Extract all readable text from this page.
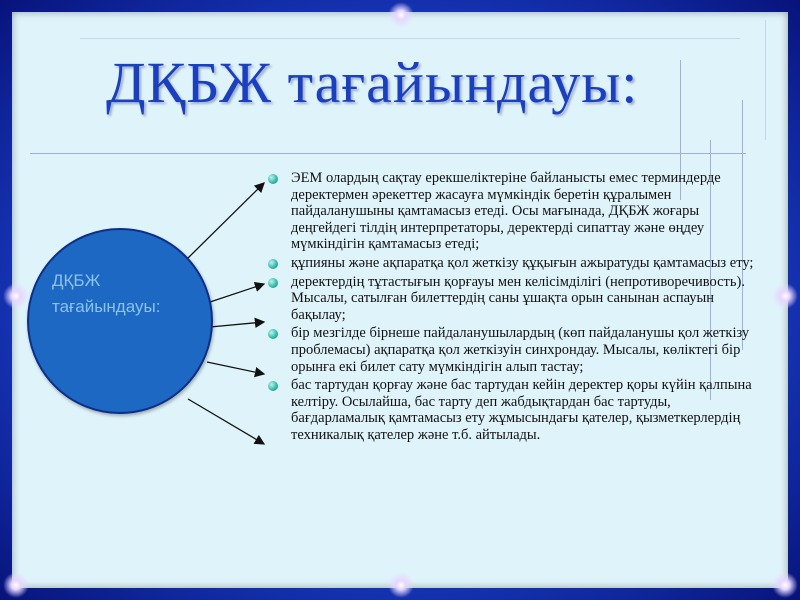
ДҚБЖ тағайындауы:
ДҚБЖ тағайындауы:
ЭЕМ олардың сақтау ерекшеліктеріне байланысты емес терминдерде деректермен әрекеттер жасауға мүмкіндік беретін құралымен пайдаланушыны қамтамасыз етеді. Осы мағынада, ДҚБЖ жоғары деңгейдегі тілдің интерпретаторы, деректерді сипаттау және өңдеу мүмкіндігін қамтамасыз етеді;
құпияны және ақпаратқа қол жеткізу құқығын ажыратуды қамтамасыз ету;
деректердің тұтастығын қорғауы мен келісімділігі (непротиворечивость). Мысалы, сатылған билеттердің саны ұшақта орын санынан аспауын бақылау;
бір мезгілде бірнеше пайдаланушылардың (көп пайдаланушы қол жеткізу проблемасы) ақпаратқа қол жеткізуін синхрондау. Мысалы, көліктегі бір орынға екі билет сату мүмкіндігін алып тастау;
бас тартудан қорғау және бас тартудан кейін деректер қоры күйін қалпына келтіру. Осылайша, бас тарту деп жабдықтардан бас тартуды, бағдарламалық қамтамасыз ету жұмысындағы қателер, қызметкерлердің техникалық қателер және т.б. айтылады.
